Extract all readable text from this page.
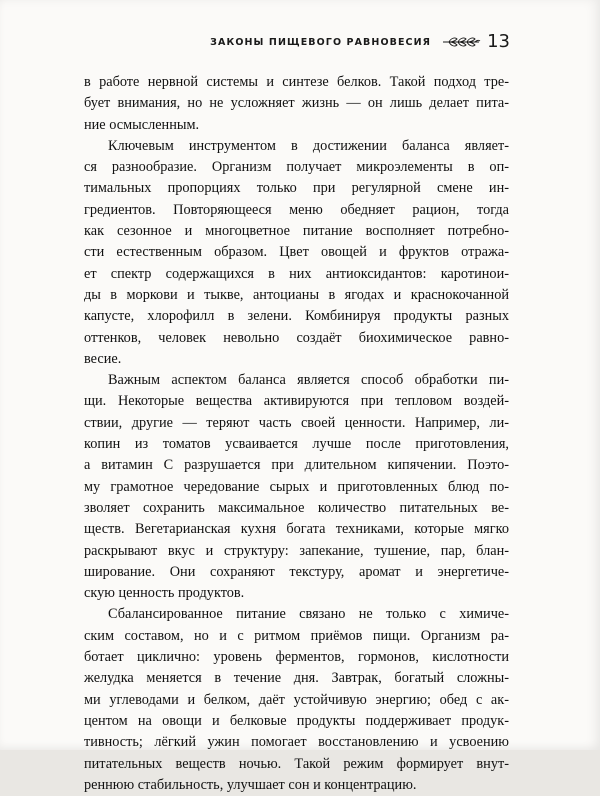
ЗАКОНЫ ПИЩЕВОГО РАВНОВЕСИЯ	13
в работе нервной системы и синтезе белков. Такой подход тре-
бует внимания, но не усложняет жизнь — он лишь делает пита-
ние осмысленным.
Ключевым инструментом в достижении баланса являет-
ся разнообразие. Организм получает микроэлементы в оп-
тимальных пропорциях только при регулярной смене ин-
гредиентов. Повторяющееся меню обедняет рацион, тогда
как сезонное и многоцветное питание восполняет потребно-
сти естественным образом. Цвет овощей и фруктов отража-
ет спектр содержащихся в них антиоксидантов: каротинои-
ды в моркови и тыкве, антоцианы в ягодах и краснокочанной
капусте, хлорофилл в зелени. Комбинируя продукты разных
оттенков, человек невольно создаёт биохимическое равно-
весие.
Важным аспектом баланса является способ обработки пи-
щи. Некоторые вещества активируются при тепловом воздей-
ствии, другие — теряют часть своей ценности. Например, ли-
копин из томатов усваивается лучше после приготовления,
а витамин С разрушается при длительном кипячении. Поэто-
му грамотное чередование сырых и приготовленных блюд по-
зволяет сохранить максимальное количество питательных ве-
ществ. Вегетарианская кухня богата техниками, которые мягко
раскрывают вкус и структуру: запекание, тушение, пар, блан-
ширование. Они сохраняют текстуру, аромат и энергетиче-
скую ценность продуктов.
Сбалансированное питание связано не только с химиче-
ским составом, но и с ритмом приёмов пищи. Организм ра-
ботает циклично: уровень ферментов, гормонов, кислотности
желудка меняется в течение дня. Завтрак, богатый сложны-
ми углеводами и белком, даёт устойчивую энергию; обед с ак-
центом на овощи и белковые продукты поддерживает продук-
тивность; лёгкий ужин помогает восстановлению и усвоению
питательных веществ ночью. Такой режим формирует внут-
реннюю стабильность, улучшает сон и концентрацию.
